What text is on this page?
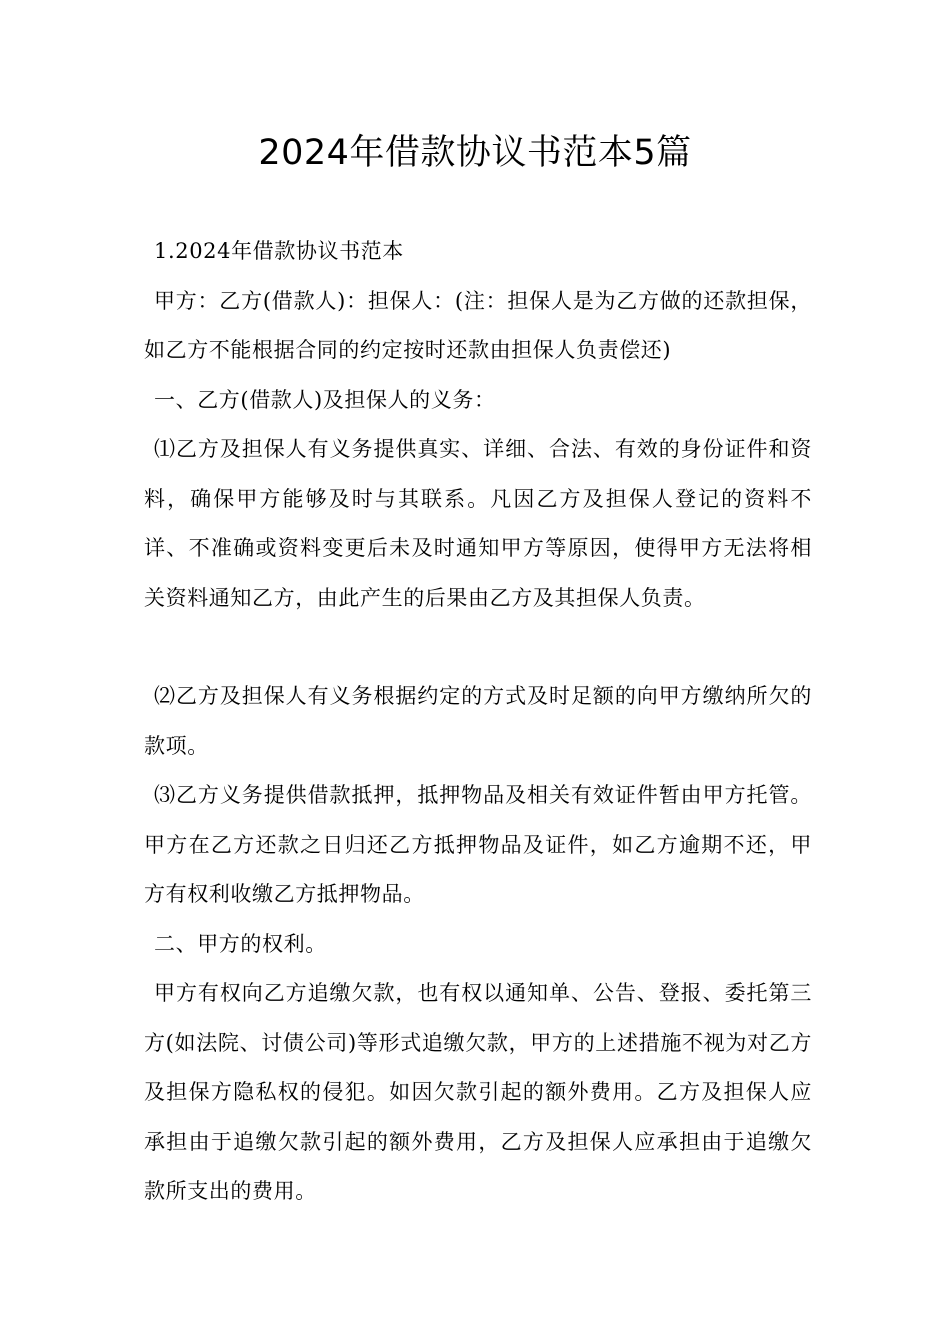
2024年借款协议书范本5篇

1.2024年借款协议书范本

甲方：乙方(借款人)：担保人：(注：担保人是为乙方做的还款担保，如乙方不能根据合同的约定按时还款由担保人负责偿还)

一、乙方(借款人)及担保人的义务：

⑴乙方及担保人有义务提供真实、详细、合法、有效的身份证件和资料，确保甲方能够及时与其联系。凡因乙方及担保人登记的资料不详、不准确或资料变更后未及时通知甲方等原因，使得甲方无法将相关资料通知乙方，由此产生的后果由乙方及其担保人负责。

⑵乙方及担保人有义务根据约定的方式及时足额的向甲方缴纳所欠的款项。

⑶乙方义务提供借款抵押，抵押物品及相关有效证件暂由甲方托管。甲方在乙方还款之日归还乙方抵押物品及证件，如乙方逾期不还，甲方有权利收缴乙方抵押物品。

二、甲方的权利。

甲方有权向乙方追缴欠款，也有权以通知单、公告、登报、委托第三方(如法院、讨债公司)等形式追缴欠款，甲方的上述措施不视为对乙方及担保方隐私权的侵犯。如因欠款引起的额外费用。乙方及担保人应承担由于追缴欠款引起的额外费用，乙方及担保人应承担由于追缴欠款所支出的费用。
